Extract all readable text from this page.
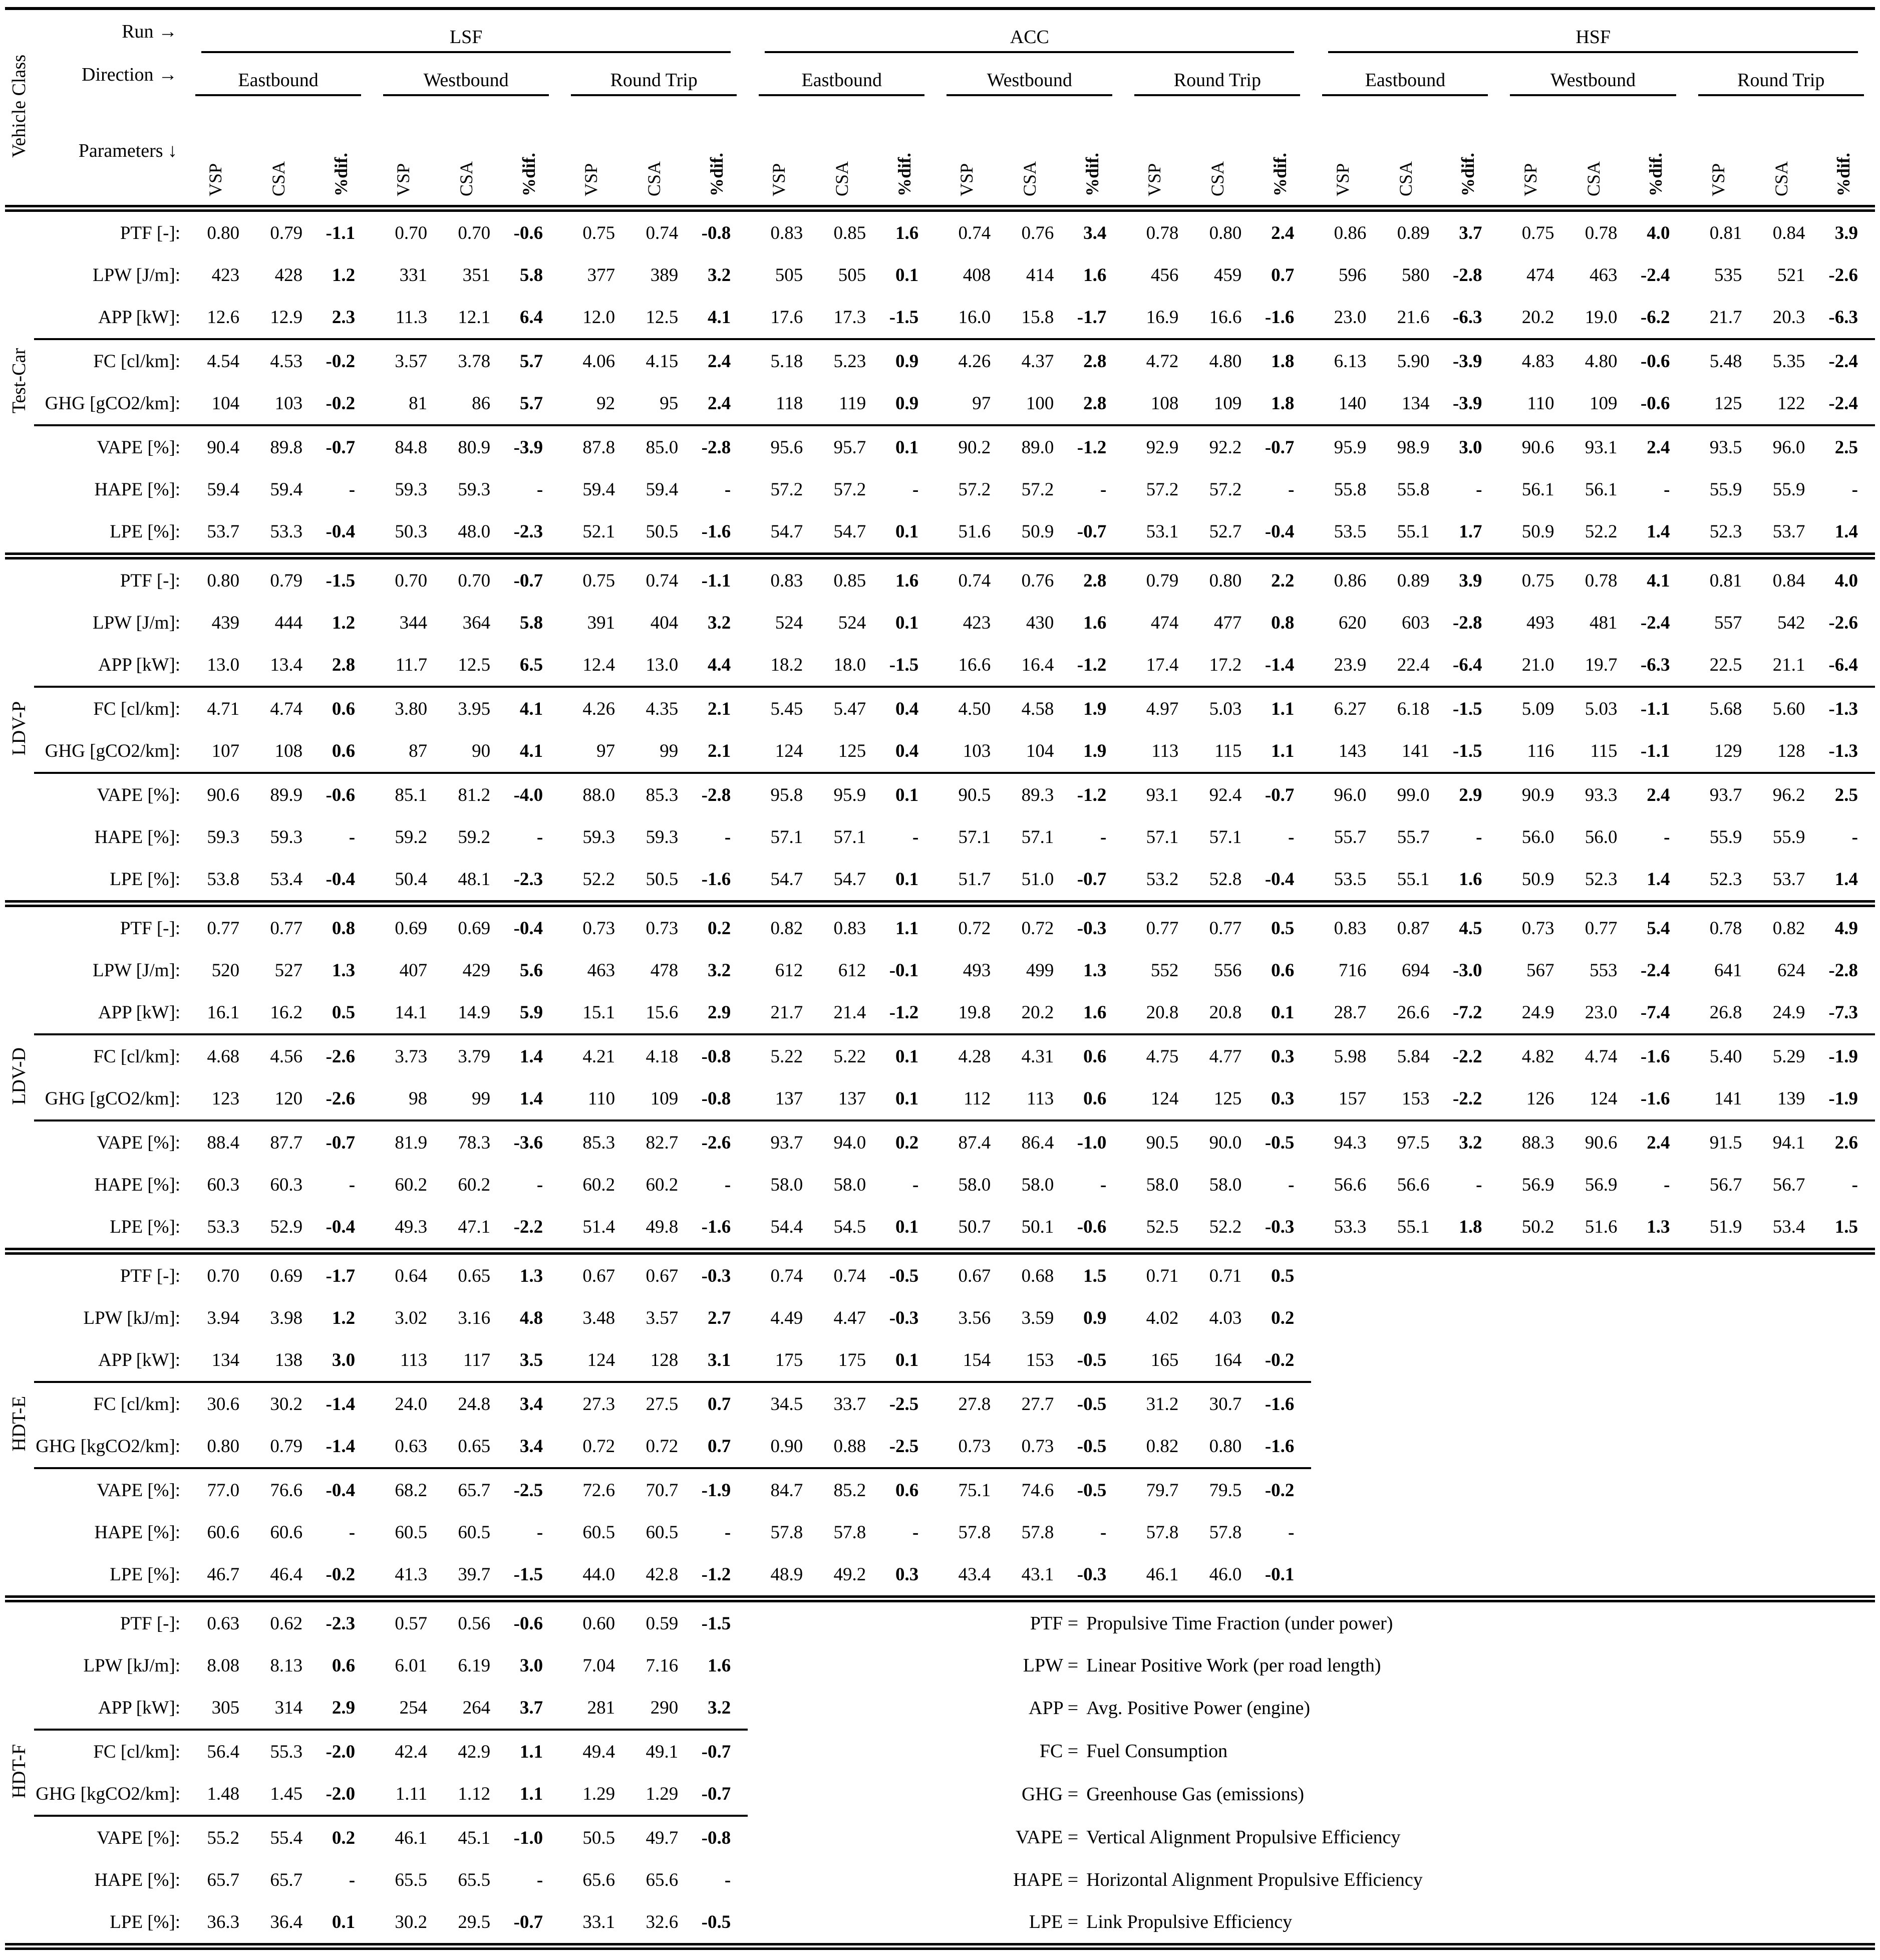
Vehicle Class	Run →	LSF									ACC									HSF								

	Direction →	Eastbound			Westbound			Round Trip			Eastbound			Westbound			Round Trip			Eastbound			Westbound			Round Trip		

	Parameters ↓	VSP	CSA	%dif.	VSP	CSA	%dif.	VSP	CSA	%dif.	VSP	CSA	%dif.	VSP	CSA	%dif.	VSP	CSA	%dif.	VSP	CSA	%dif.	VSP	CSA	%dif.	VSP	CSA	%dif.
Test-Car	PTF [-]:	0.80	0.79	-1.1	0.70	0.70	-0.6	0.75	0.74	-0.8	0.83	0.85	1.6	0.74	0.76	3.4	0.78	0.80	2.4	0.86	0.89	3.7	0.75	0.78	4.0	0.81	0.84	3.9
	LPW [J/m]:	423	428	1.2	331	351	5.8	377	389	3.2	505	505	0.1	408	414	1.6	456	459	0.7	596	580	-2.8	474	463	-2.4	535	521	-2.6
	APP [kW]:	12.6	12.9	2.3	11.3	12.1	6.4	12.0	12.5	4.1	17.6	17.3	-1.5	16.0	15.8	-1.7	16.9	16.6	-1.6	23.0	21.6	-6.3	20.2	19.0	-6.2	21.7	20.3	-6.3
	FC [cl/km]:	4.54	4.53	-0.2	3.57	3.78	5.7	4.06	4.15	2.4	5.18	5.23	0.9	4.26	4.37	2.8	4.72	4.80	1.8	6.13	5.90	-3.9	4.83	4.80	-0.6	5.48	5.35	-2.4
	GHG [gCO2/km]:	104	103	-0.2	81	86	5.7	92	95	2.4	118	119	0.9	97	100	2.8	108	109	1.8	140	134	-3.9	110	109	-0.6	125	122	-2.4
	VAPE [%]:	90.4	89.8	-0.7	84.8	80.9	-3.9	87.8	85.0	-2.8	95.6	95.7	0.1	90.2	89.0	-1.2	92.9	92.2	-0.7	95.9	98.9	3.0	90.6	93.1	2.4	93.5	96.0	2.5
	HAPE [%]:	59.4	59.4	-	59.3	59.3	-	59.4	59.4	-	57.2	57.2	-	57.2	57.2	-	57.2	57.2	-	55.8	55.8	-	56.1	56.1	-	55.9	55.9	-
	LPE [%]:	53.7	53.3	-0.4	50.3	48.0	-2.3	52.1	50.5	-1.6	54.7	54.7	0.1	51.6	50.9	-0.7	53.1	52.7	-0.4	53.5	55.1	1.7	50.9	52.2	1.4	52.3	53.7	1.4
LDV-P	PTF [-]:	0.80	0.79	-1.5	0.70	0.70	-0.7	0.75	0.74	-1.1	0.83	0.85	1.6	0.74	0.76	2.8	0.79	0.80	2.2	0.86	0.89	3.9	0.75	0.78	4.1	0.81	0.84	4.0
	LPW [J/m]:	439	444	1.2	344	364	5.8	391	404	3.2	524	524	0.1	423	430	1.6	474	477	0.8	620	603	-2.8	493	481	-2.4	557	542	-2.6
	APP [kW]:	13.0	13.4	2.8	11.7	12.5	6.5	12.4	13.0	4.4	18.2	18.0	-1.5	16.6	16.4	-1.2	17.4	17.2	-1.4	23.9	22.4	-6.4	21.0	19.7	-6.3	22.5	21.1	-6.4
	FC [cl/km]:	4.71	4.74	0.6	3.80	3.95	4.1	4.26	4.35	2.1	5.45	5.47	0.4	4.50	4.58	1.9	4.97	5.03	1.1	6.27	6.18	-1.5	5.09	5.03	-1.1	5.68	5.60	-1.3
	GHG [gCO2/km]:	107	108	0.6	87	90	4.1	97	99	2.1	124	125	0.4	103	104	1.9	113	115	1.1	143	141	-1.5	116	115	-1.1	129	128	-1.3
	VAPE [%]:	90.6	89.9	-0.6	85.1	81.2	-4.0	88.0	85.3	-2.8	95.8	95.9	0.1	90.5	89.3	-1.2	93.1	92.4	-0.7	96.0	99.0	2.9	90.9	93.3	2.4	93.7	96.2	2.5
	HAPE [%]:	59.3	59.3	-	59.2	59.2	-	59.3	59.3	-	57.1	57.1	-	57.1	57.1	-	57.1	57.1	-	55.7	55.7	-	56.0	56.0	-	55.9	55.9	-
	LPE [%]:	53.8	53.4	-0.4	50.4	48.1	-2.3	52.2	50.5	-1.6	54.7	54.7	0.1	51.7	51.0	-0.7	53.2	52.8	-0.4	53.5	55.1	1.6	50.9	52.3	1.4	52.3	53.7	1.4
LDV-D	PTF [-]:	0.77	0.77	0.8	0.69	0.69	-0.4	0.73	0.73	0.2	0.82	0.83	1.1	0.72	0.72	-0.3	0.77	0.77	0.5	0.83	0.87	4.5	0.73	0.77	5.4	0.78	0.82	4.9
	LPW [J/m]:	520	527	1.3	407	429	5.6	463	478	3.2	612	612	-0.1	493	499	1.3	552	556	0.6	716	694	-3.0	567	553	-2.4	641	624	-2.8
	APP [kW]:	16.1	16.2	0.5	14.1	14.9	5.9	15.1	15.6	2.9	21.7	21.4	-1.2	19.8	20.2	1.6	20.8	20.8	0.1	28.7	26.6	-7.2	24.9	23.0	-7.4	26.8	24.9	-7.3
	FC [cl/km]:	4.68	4.56	-2.6	3.73	3.79	1.4	4.21	4.18	-0.8	5.22	5.22	0.1	4.28	4.31	0.6	4.75	4.77	0.3	5.98	5.84	-2.2	4.82	4.74	-1.6	5.40	5.29	-1.9
	GHG [gCO2/km]:	123	120	-2.6	98	99	1.4	110	109	-0.8	137	137	0.1	112	113	0.6	124	125	0.3	157	153	-2.2	126	124	-1.6	141	139	-1.9
	VAPE [%]:	88.4	87.7	-0.7	81.9	78.3	-3.6	85.3	82.7	-2.6	93.7	94.0	0.2	87.4	86.4	-1.0	90.5	90.0	-0.5	94.3	97.5	3.2	88.3	90.6	2.4	91.5	94.1	2.6
	HAPE [%]:	60.3	60.3	-	60.2	60.2	-	60.2	60.2	-	58.0	58.0	-	58.0	58.0	-	58.0	58.0	-	56.6	56.6	-	56.9	56.9	-	56.7	56.7	-
	LPE [%]:	53.3	52.9	-0.4	49.3	47.1	-2.2	51.4	49.8	-1.6	54.4	54.5	0.1	50.7	50.1	-0.6	52.5	52.2	-0.3	53.3	55.1	1.8	50.2	51.6	1.3	51.9	53.4	1.5
HDT-E	PTF [-]:	0.70	0.69	-1.7	0.64	0.65	1.3	0.67	0.67	-0.3	0.74	0.74	-0.5	0.67	0.68	1.5	0.71	0.71	0.5									
	LPW [kJ/m]:	3.94	3.98	1.2	3.02	3.16	4.8	3.48	3.57	2.7	4.49	4.47	-0.3	3.56	3.59	0.9	4.02	4.03	0.2									
	APP [kW]:	134	138	3.0	113	117	3.5	124	128	3.1	175	175	0.1	154	153	-0.5	165	164	-0.2									
	FC [cl/km]:	30.6	30.2	-1.4	24.0	24.8	3.4	27.3	27.5	0.7	34.5	33.7	-2.5	27.8	27.7	-0.5	31.2	30.7	-1.6									
	GHG [kgCO2/km]:	0.80	0.79	-1.4	0.63	0.65	3.4	0.72	0.72	0.7	0.90	0.88	-2.5	0.73	0.73	-0.5	0.82	0.80	-1.6									
	VAPE [%]:	77.0	76.6	-0.4	68.2	65.7	-2.5	72.6	70.7	-1.9	84.7	85.2	0.6	75.1	74.6	-0.5	79.7	79.5	-0.2									
	HAPE [%]:	60.6	60.6	-	60.5	60.5	-	60.5	60.5	-	57.8	57.8	-	57.8	57.8	-	57.8	57.8	-									
	LPE [%]:	46.7	46.4	-0.2	41.3	39.7	-1.5	44.0	42.8	-1.2	48.9	49.2	0.3	43.4	43.1	-0.3	46.1	46.0	-0.1									
HDT-F	PTF [-]:	0.63	0.62	-2.3	0.57	0.56	-0.6	0.60	0.59	-1.5	PTF = Propulsive Time Fraction (under power)																	
	LPW [kJ/m]:	8.08	8.13	0.6	6.01	6.19	3.0	7.04	7.16	1.6	LPW = Linear Positive Work (per road length)																	
	APP [kW]:	305	314	2.9	254	264	3.7	281	290	3.2	APP = Avg. Positive Power (engine)																	
	FC [cl/km]:	56.4	55.3	-2.0	42.4	42.9	1.1	49.4	49.1	-0.7	FC = Fuel Consumption																	
	GHG [kgCO2/km]:	1.48	1.45	-2.0	1.11	1.12	1.1	1.29	1.29	-0.7	GHG = Greenhouse Gas (emissions)																	
	VAPE [%]:	55.2	55.4	0.2	46.1	45.1	-1.0	50.5	49.7	-0.8	VAPE = Vertical Alignment Propulsive Efficiency																	
	HAPE [%]:	65.7	65.7	-	65.5	65.5	-	65.6	65.6	-	HAPE = Horizontal Alignment Propulsive Efficiency																	
	LPE [%]:	36.3	36.4	0.1	30.2	29.5	-0.7	33.1	32.6	-0.5	LPE = Link Propulsive Efficiency																	
